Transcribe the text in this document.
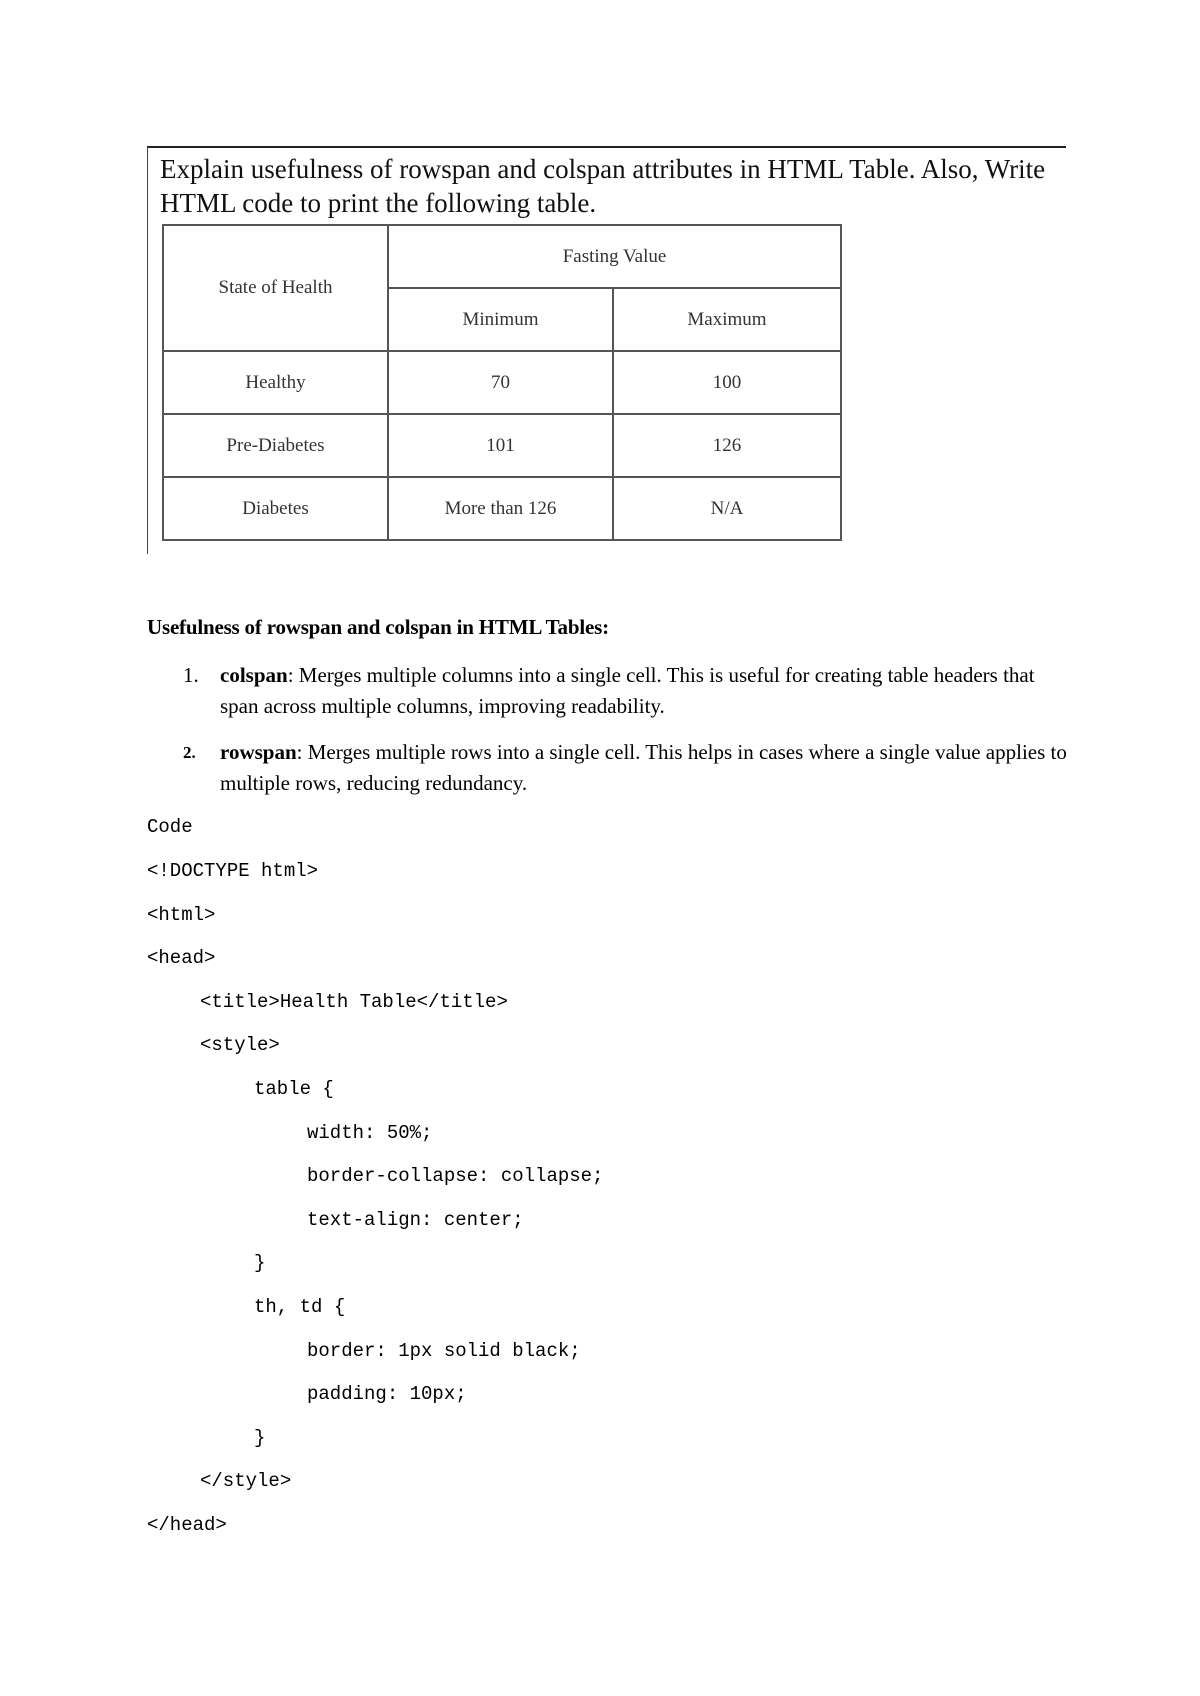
Explain usefulness of rowspan and colspan attributes in HTML Table. Also, Write HTML code to print the following table.
State of Health	Fasting Value	
	Minimum	Maximum
Healthy	70	100
Pre-Diabetes	101	126
Diabetes	More than 126	N/A
Usefulness of rowspan and colspan in HTML Tables:
1. colspan: Merges multiple columns into a single cell. This is useful for creating table headers that span across multiple columns, improving readability.
2. rowspan: Merges multiple rows into a single cell. This helps in cases where a single value applies to multiple rows, reducing redundancy.
Code
<!DOCTYPE html>
<html>
<head>
<title>Health Table</title>
<style>
table {
width: 50%;
border-collapse: collapse;
text-align: center;
}
th, td {
border: 1px solid black;
padding: 10px;
}
</style>
</head>
